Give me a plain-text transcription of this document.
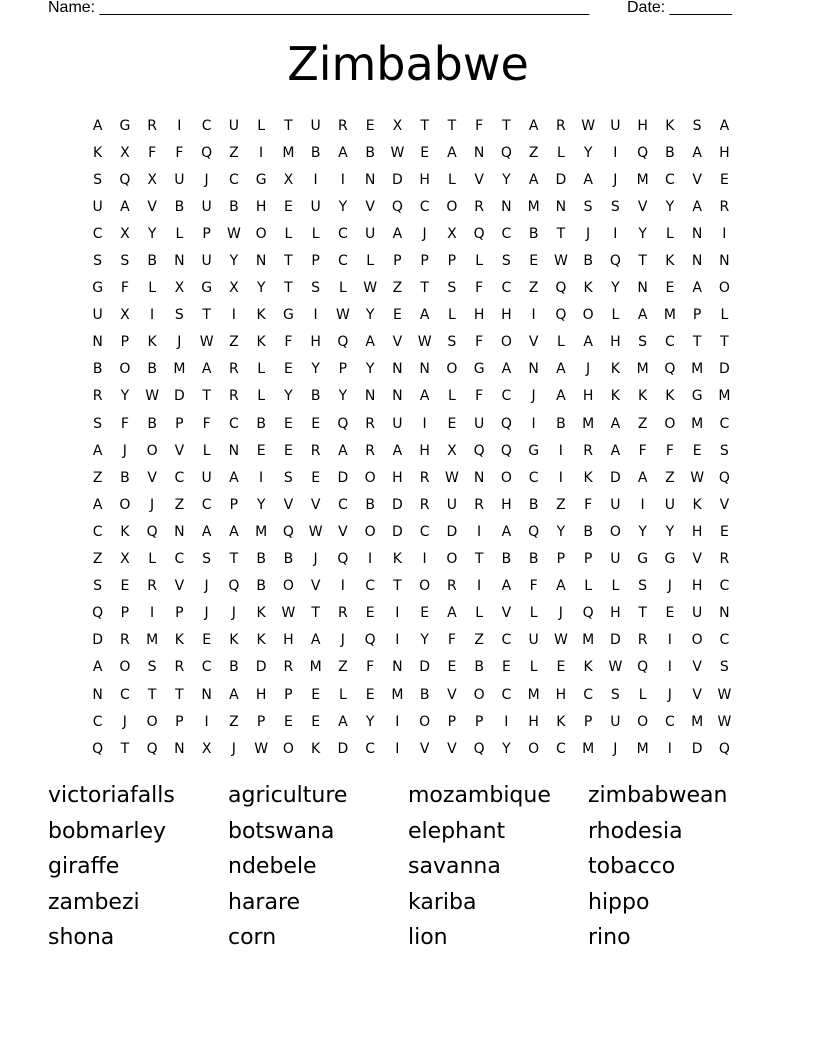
Name: _______________________________________________________ Date: _______
Zimbabwe
A	G	R	I	C	U	L	T	U	R	E	X	T	T	F	T	A	R	W	U	H	K	S	A
K	X	F	F	Q	Z	I	M	B	A	B	W	E	A	N	Q	Z	L	Y	I	Q	B	A	H
S	Q	X	U	J	C	G	X	I	I	N	D	H	L	V	Y	A	D	A	J	M	C	V	E
U	A	V	B	U	B	H	E	U	Y	V	Q	C	O	R	N	M	N	S	S	V	Y	A	R
C	X	Y	L	P	W	O	L	L	C	U	A	J	X	Q	C	B	T	J	I	Y	L	N	I
S	S	B	N	U	Y	N	T	P	C	L	P	P	P	L	S	E	W	B	Q	T	K	N	N
G	F	L	X	G	X	Y	T	S	L	W	Z	T	S	F	C	Z	Q	K	Y	N	E	A	O
U	X	I	S	T	I	K	G	I	W	Y	E	A	L	H	H	I	Q	O	L	A	M	P	L
N	P	K	J	W	Z	K	F	H	Q	A	V	W	S	F	O	V	L	A	H	S	C	T	T
B	O	B	M	A	R	L	E	Y	P	Y	N	N	O	G	A	N	A	J	K	M	Q	M	D
R	Y	W	D	T	R	L	Y	B	Y	N	N	A	L	F	C	J	A	H	K	K	K	G	M
S	F	B	P	F	C	B	E	E	Q	R	U	I	E	U	Q	I	B	M	A	Z	O	M	C
A	J	O	V	L	N	E	E	R	A	R	A	H	X	Q	Q	G	I	R	A	F	F	E	S
Z	B	V	C	U	A	I	S	E	D	O	H	R	W	N	O	C	I	K	D	A	Z	W	Q
A	O	J	Z	C	P	Y	V	V	C	B	D	R	U	R	H	B	Z	F	U	I	U	K	V
C	K	Q	N	A	A	M	Q	W	V	O	D	C	D	I	A	Q	Y	B	O	Y	Y	H	E
Z	X	L	C	S	T	B	B	J	Q	I	K	I	O	T	B	B	P	P	U	G	G	V	R
S	E	R	V	J	Q	B	O	V	I	C	T	O	R	I	A	F	A	L	L	S	J	H	C
Q	P	I	P	J	J	K	W	T	R	E	I	E	A	L	V	L	J	Q	H	T	E	U	N
D	R	M	K	E	K	K	H	A	J	Q	I	Y	F	Z	C	U	W	M	D	R	I	O	C
A	O	S	R	C	B	D	R	M	Z	F	N	D	E	B	E	L	E	K	W	Q	I	V	S
N	C	T	T	N	A	H	P	E	L	E	M	B	V	O	C	M	H	C	S	L	J	V	W
C	J	O	P	I	Z	P	E	E	A	Y	I	O	P	P	I	H	K	P	U	O	C	M	W
Q	T	Q	N	X	J	W	O	K	D	C	I	V	V	Q	Y	O	C	M	J	M	I	D	Q
victoriafalls	agriculture	mozambique	zimbabwean
bobmarley	botswana	elephant	rhodesia
giraffe	ndebele	savanna	tobacco
zambezi	harare	kariba	hippo
shona	corn	lion	rino
